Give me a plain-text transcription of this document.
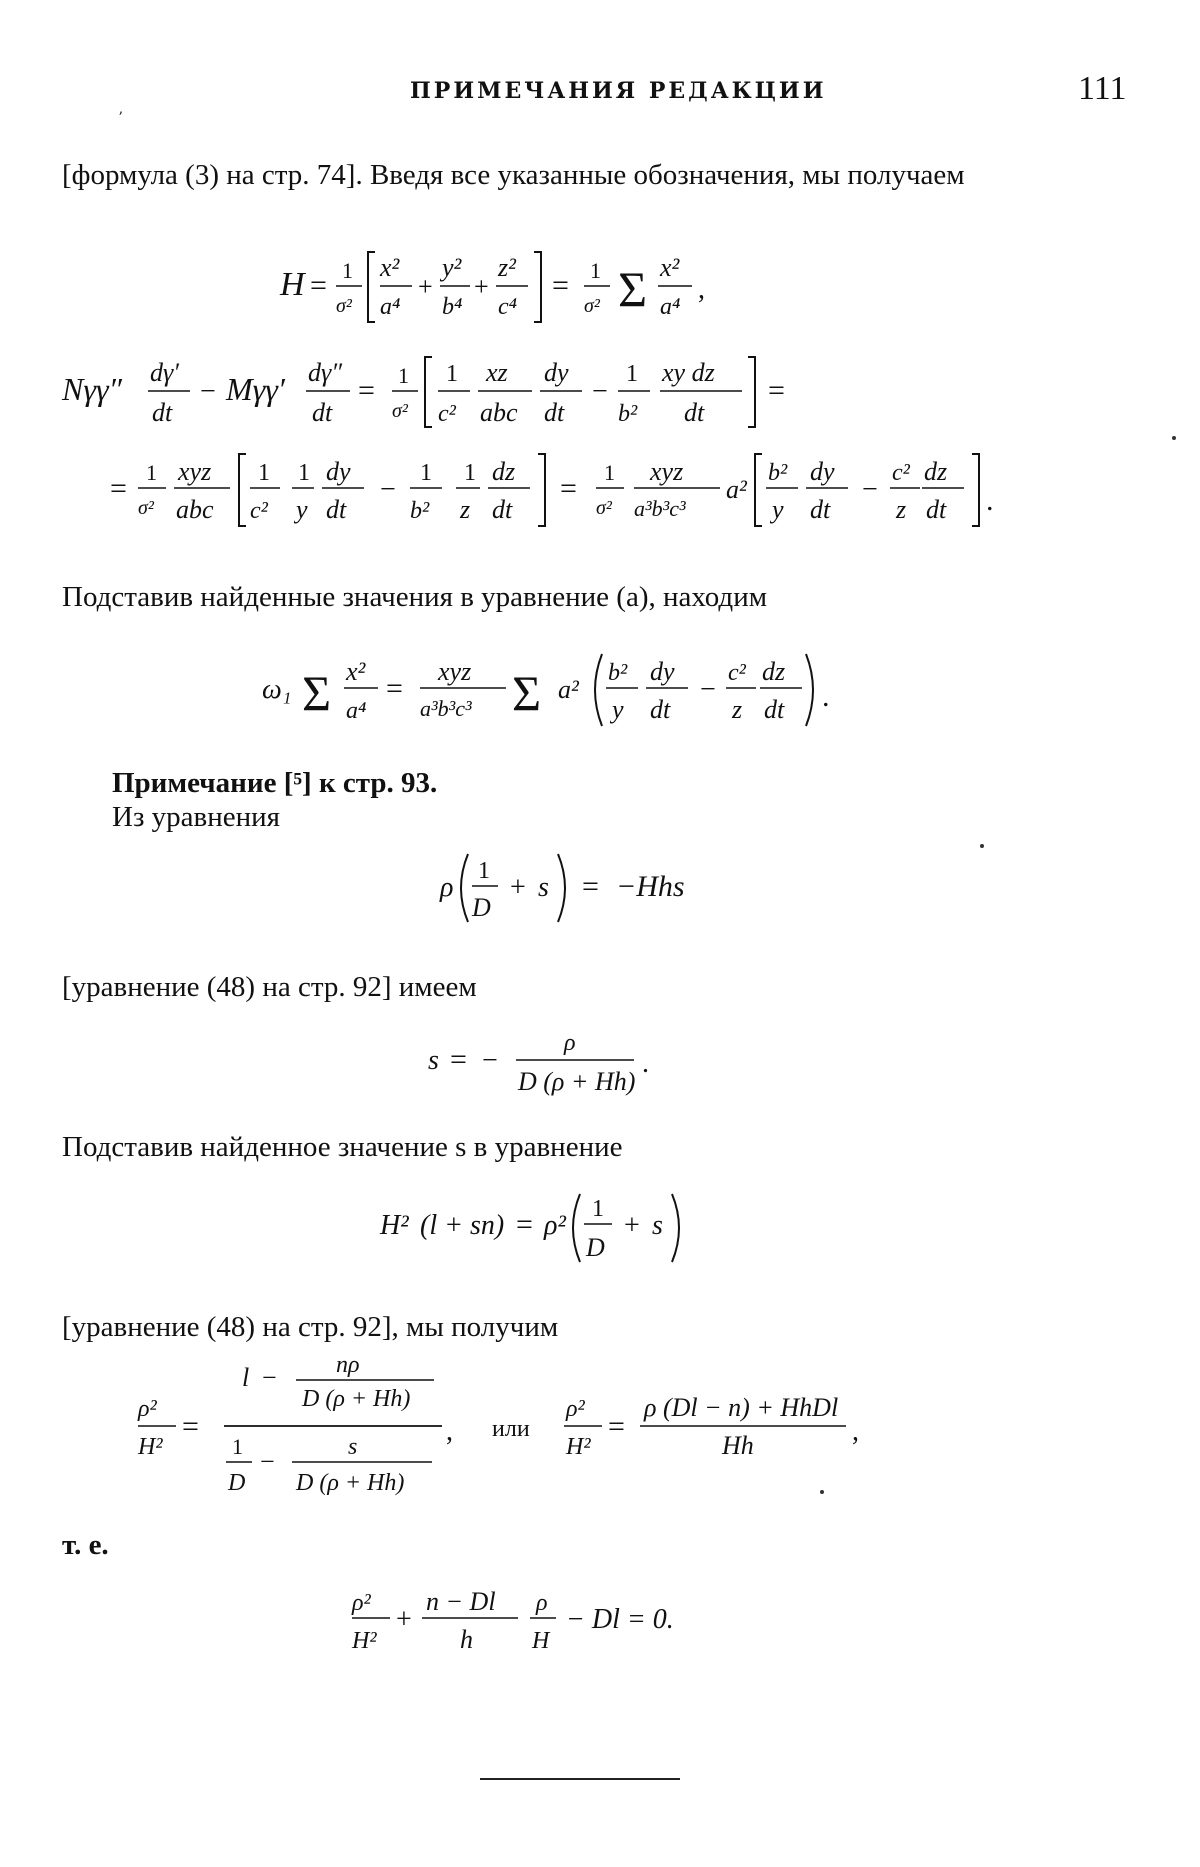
ПРИМЕЧАНИЯ РЕДАКЦИИ	111
ʼ

[формула (3) на стр. 74]. Введя все указанные обозначения, мы получаем

H = 1
σ²
x²
a⁴
+
y²
b⁴
+
z²
c⁴
= 1
σ² Σ x²
a⁴
,
Nγγ″ dγ′
dt
− Mγγ′ dγ″
dt
= 1
σ²
1
c²
xz
abc
dy
dt
−
1
b²
xy dz
dt
=
= 1
σ²
xyz
abc
1
c²
1
y
dy
dt
−
1
b²
1
z
dz
dt
= 1
σ²
xyz
a³b³c³
a²
b²
y
dy
dt
−
c²
z
dz
dt .

Подставив найденные значения в уравнение (а), находим

ω₁ Σ x²
a⁴
=
xyz
a³b³c³ Σ a²
b²
y
dy
dt
−
c²
z
dz
dt .

Примечание [⁵] к стр. 93.

Из уравнения

ρ
1
D
+ s = −Hhs

[уравнение (48) на стр. 92] имеем

s = −
ρ
D (ρ + Hh)
.

Подставив найденное значение s в уравнение

H² (l + sn) = ρ²
1
D
+ s

[уравнение (48) на стр. 92], мы получим

ρ²
H²
=
l − nρ
D (ρ + Hh)
1
D
−	s
D (ρ + Hh)
, или
ρ²
H²
=
ρ (Dl − n) + HhDl
Hh	,

т. е.

ρ²
H²
+
n − Dl
h
ρ
H
− Dl = 0.
